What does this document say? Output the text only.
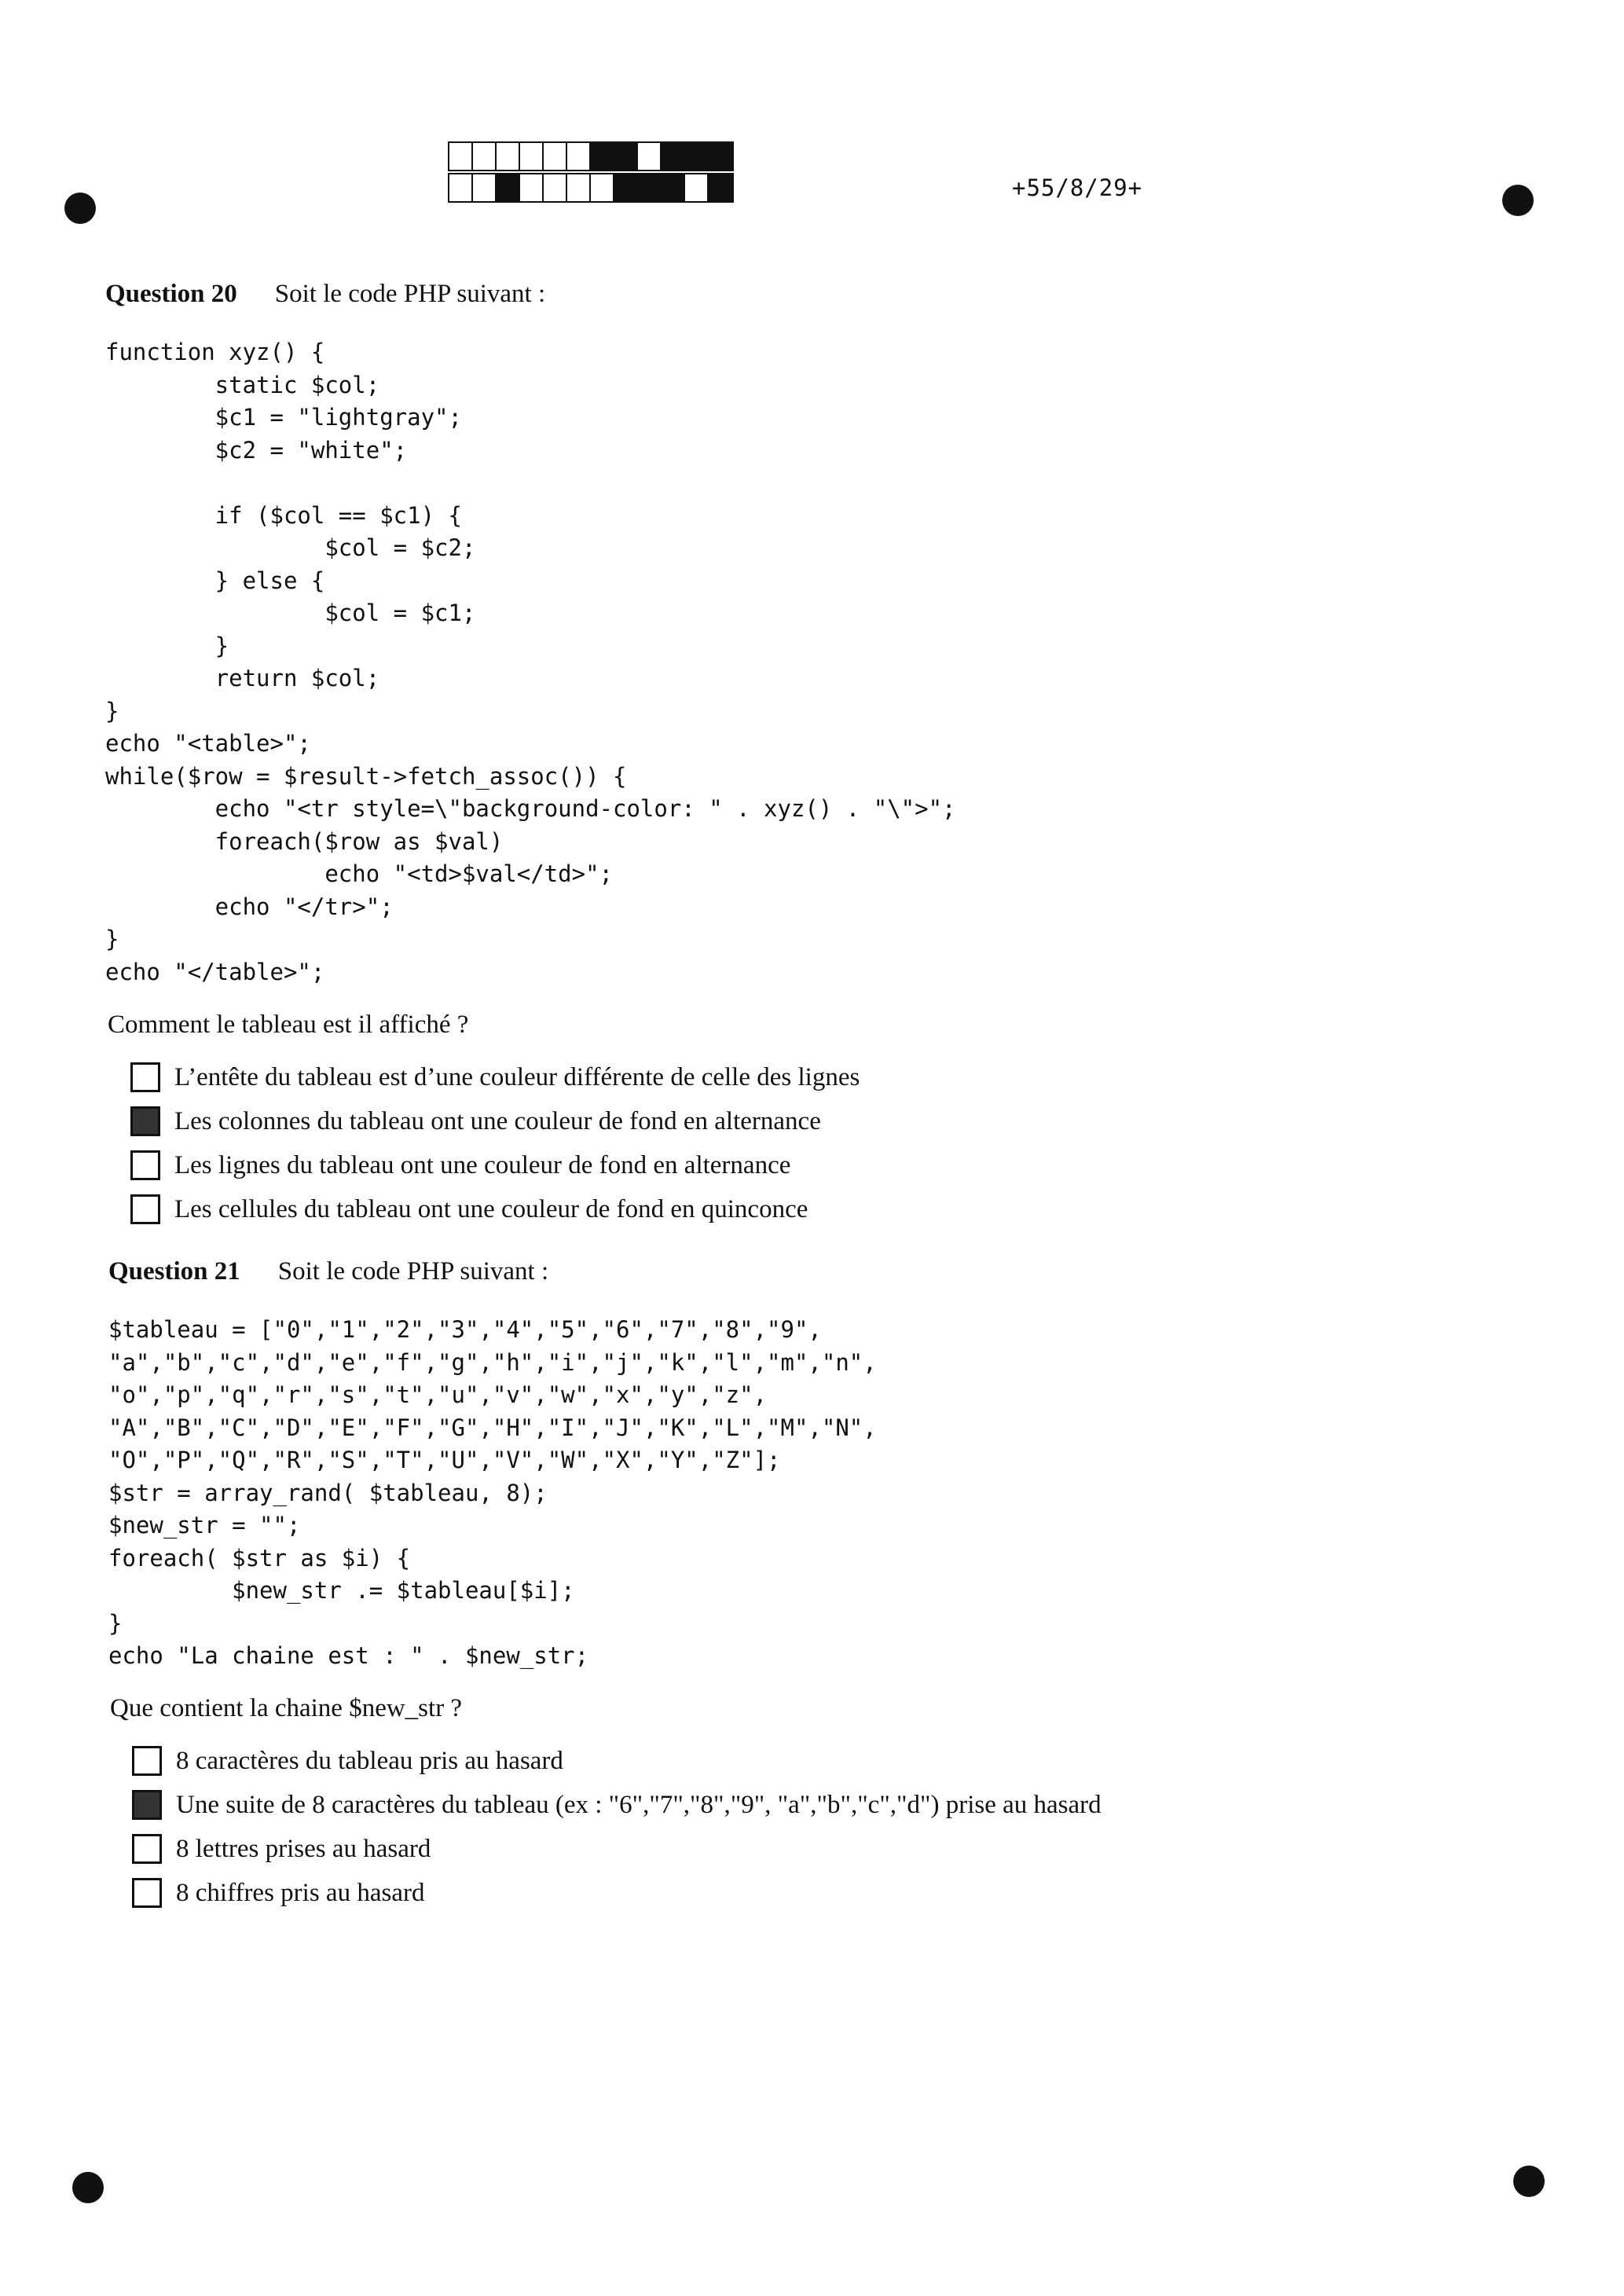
+55/8/29+
Question 20 Soit le code PHP suivant :
function xyz() {
static $col;
$c1 = "lightgray";
$c2 = "white";

if ($col == $c1) {
$col = $c2;
} else {
$col = $c1;
}
return $col;
}
echo "<table>";
while($row = $result->fetch_assoc()) {
echo "<tr style=\"background-color: " . xyz() . "\">";
foreach($row as $val)
echo "<td>$val</td>";
echo "</tr>";
}
echo "</table>";
Comment le tableau est il affiché ?
L’entête du tableau est d’une couleur différente de celle des lignes
Les colonnes du tableau ont une couleur de fond en alternance
Les lignes du tableau ont une couleur de fond en alternance
Les cellules du tableau ont une couleur de fond en quinconce
Question 21 Soit le code PHP suivant :
$tableau = ["0","1","2","3","4","5","6","7","8","9",
"a","b","c","d","e","f","g","h","i","j","k","l","m","n",
"o","p","q","r","s","t","u","v","w","x","y","z",
"A","B","C","D","E","F","G","H","I","J","K","L","M","N",
"O","P","Q","R","S","T","U","V","W","X","Y","Z"];
$str = array_rand( $tableau, 8);
$new_str = "";
foreach( $str as $i) {
$new_str .= $tableau[$i];
}
echo "La chaine est : " . $new_str;
Que contient la chaine $new_str ?
8 caractères du tableau pris au hasard
Une suite de 8 caractères du tableau (ex : "6","7","8","9", "a","b","c","d") prise au hasard
8 lettres prises au hasard
8 chiffres pris au hasard
